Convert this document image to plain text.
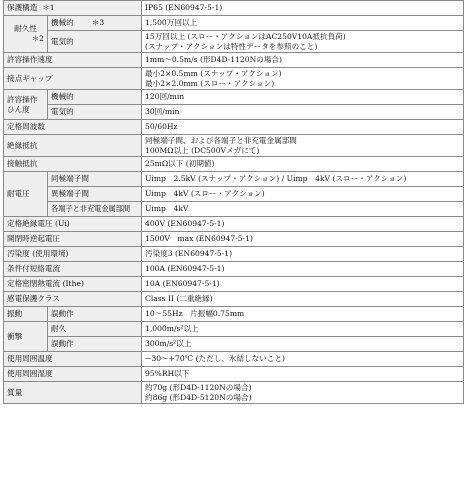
保護構造 ＊1		IP65 (EN60947-5-1)

耐久性
＊2	機械的 ＊3	1,500万回以上
	電気的	15万回以上 (スロー・アクションはAC250V10A抵抗負荷)
(スナップ・アクションは特性データを参照のこと)

許容操作速度		1mm〜0.5m/s (形D4D-1120Nの場合)
接点ギャップ		最小2×0.5mm (スナップ・アクション)
最小2×2.0mm (スロー・アクション)

許容操作
ひん度	機械的	120回/min
	電気的	30回/min
定格周波数		50/60Hz
絶縁抵抗		同極端子間、および各端子と非充電金属部間
100MΩ以上 (DC500Vメガにて)

接触抵抗		25mΩ以下 (初期値)
耐電圧	同極端子間	Uimp　2.5kV (スナップ・アクション) / Uimp　4kV (スロー・アクション)
	異極端子間	Uimp　4kV (スロー・アクション)
	各端子と非充電金属部間	Uimp　4kV
定格絶縁電圧 (Ui)		400V (EN60947-5-1)
開閉時逆起電圧		1500V　max (EN60947-5-1)
汚染度 (使用環境)		汚染度3 (EN60947-5-1)
条件付短絡電流		100A (EN60947-5-1)
定格密閉熱電流 (Ithe)		10A (EN60947-5-1)
感電保護クラス		Class II (二重絶縁)
振動	誤動作	10〜55Hz　片振幅0.75mm
衝撃	耐久	1,000m/s²以上
	誤動作	300m/s²以上
使用周囲温度		−30〜+70℃ (ただし、氷結しないこと)
使用周囲湿度		95%RH以下
質量		約70g (形D4D-1120Nの場合)
約86g (形D4D-5120Nの場合)
